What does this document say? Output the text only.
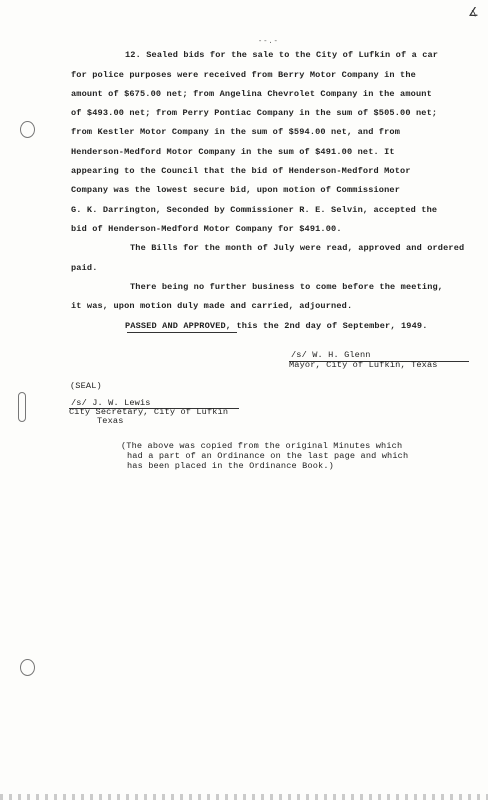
--.-
∡
12. Sealed bids for the sale to the City of Lufkin of a car
for police purposes were received from Berry Motor Company in the
amount of $675.00 net; from Angelina Chevrolet Company in the amount
of $493.00 net; from Perry Pontiac Company in the sum of $505.00 net;
from Kestler Motor Company in the sum of $594.00 net, and from
Henderson-Medford Motor Company in the sum of $491.00 net. It
appearing to the Council that the bid of Henderson-Medford Motor
Company was the lowest secure bid, upon motion of Commissioner
G. K. Darrington, Seconded by Commissioner R. E. Selvin, accepted the
bid of Henderson-Medford Motor Company for $491.00.
The Bills for the month of July were read, approved and ordered
paid.
There being no further business to come before the meeting,
it was, upon motion duly made and carried, adjourned.
PASSED AND APPROVED, this the 2nd day of September, 1949.
/s/ W. H. Glenn
Mayor, City of Lufkin, Texas
(SEAL)
/s/ J. W. Lewis
City Secretary, City of Lufkin
Texas
(The above was copied from the original Minutes which
had a part of an Ordinance on the last page and which
has been placed in the Ordinance Book.)
